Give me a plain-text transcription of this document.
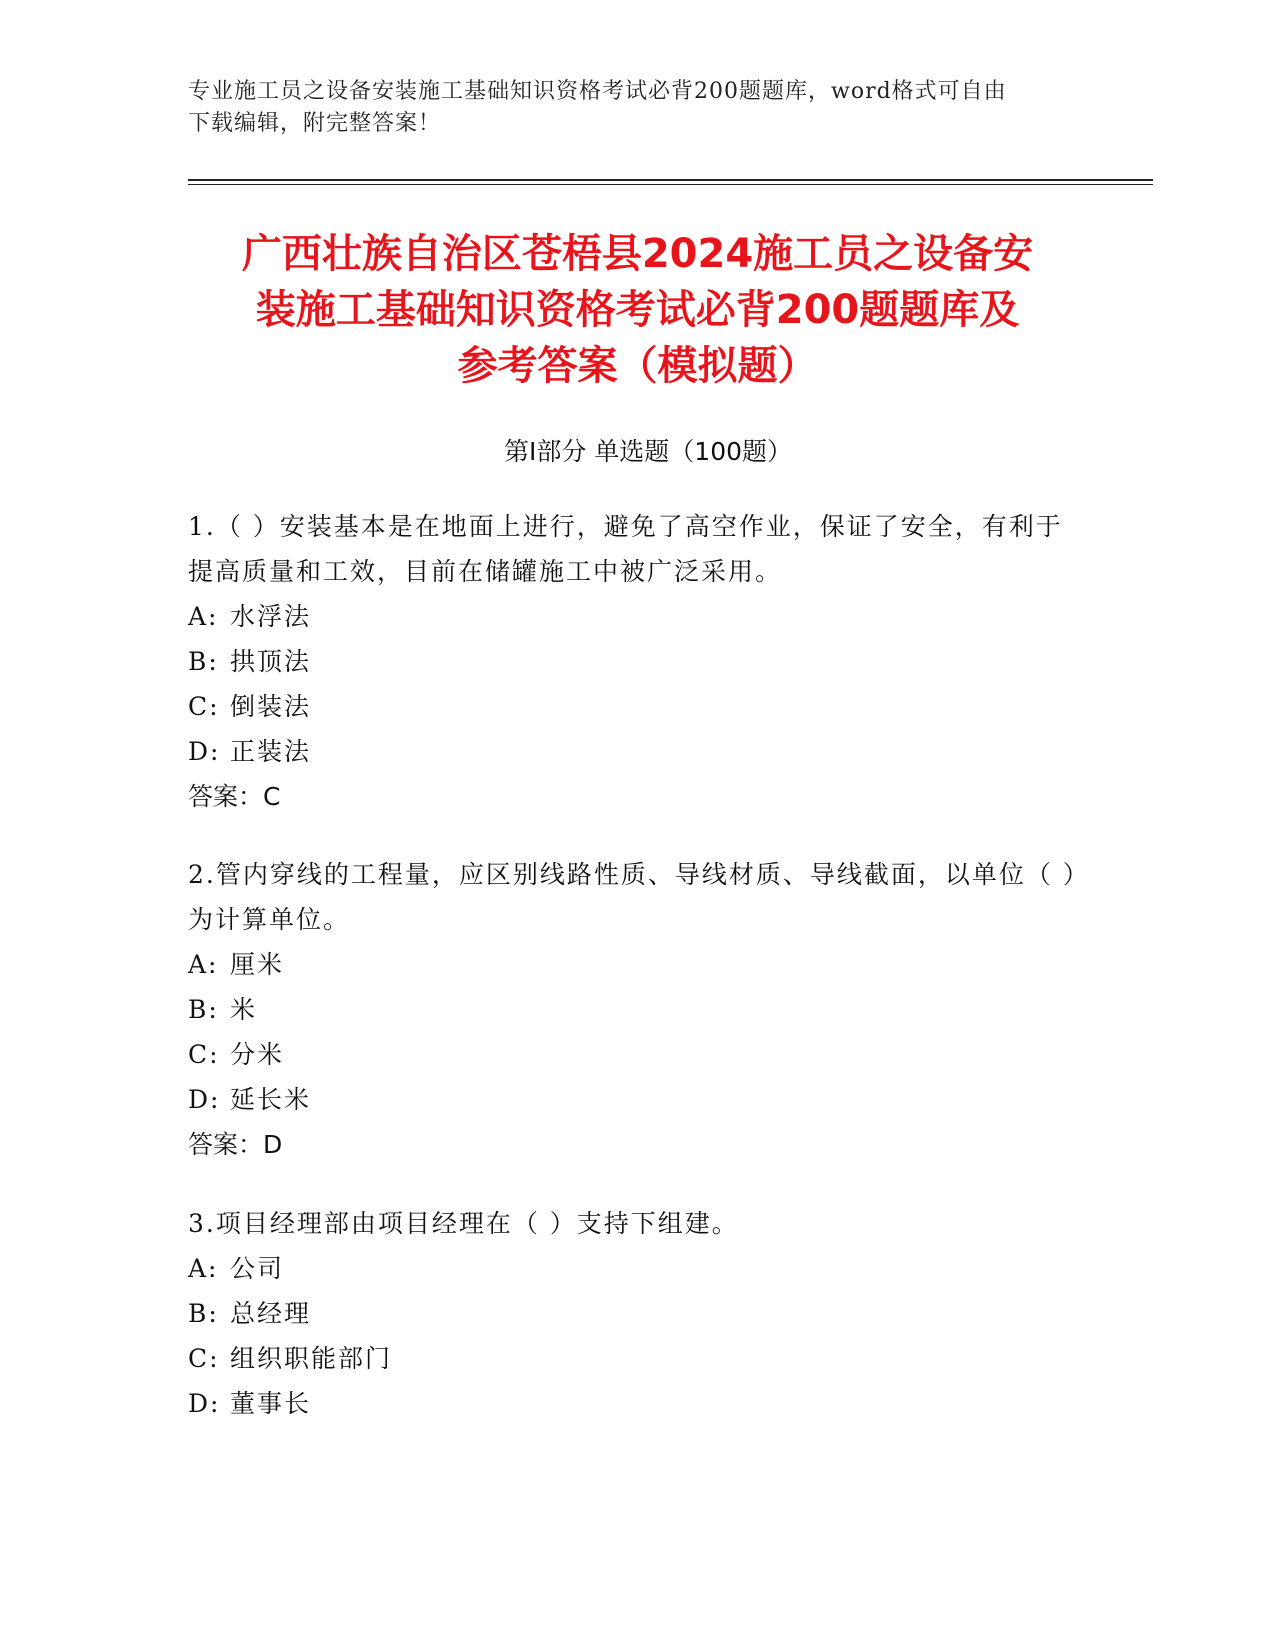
专业施工员之设备安装施工基础知识资格考试必背200题题库，word格式可自由
下载编辑，附完整答案！
广西壮族自治区苍梧县2024施工员之设备安
装施工基础知识资格考试必背200题题库及
参考答案（模拟题）
第Ⅰ部分 单选题（100题）

1.（ ）安装基本是在地面上进行，避免了高空作业，保证了安全，有利于提高质量和工效，目前在储罐施工中被广泛采用。

A: 水浮法

B: 拱顶法

C: 倒装法

D: 正装法

答案：C

2.管内穿线的工程量，应区别线路性质、导线材质、导线截面，以单位（ ）为计算单位。

A: 厘米

B: 米

C: 分米

D: 延长米

答案：D

3.项目经理部由项目经理在（ ）支持下组建。

A: 公司

B: 总经理

C: 组织职能部门

D: 董事长
